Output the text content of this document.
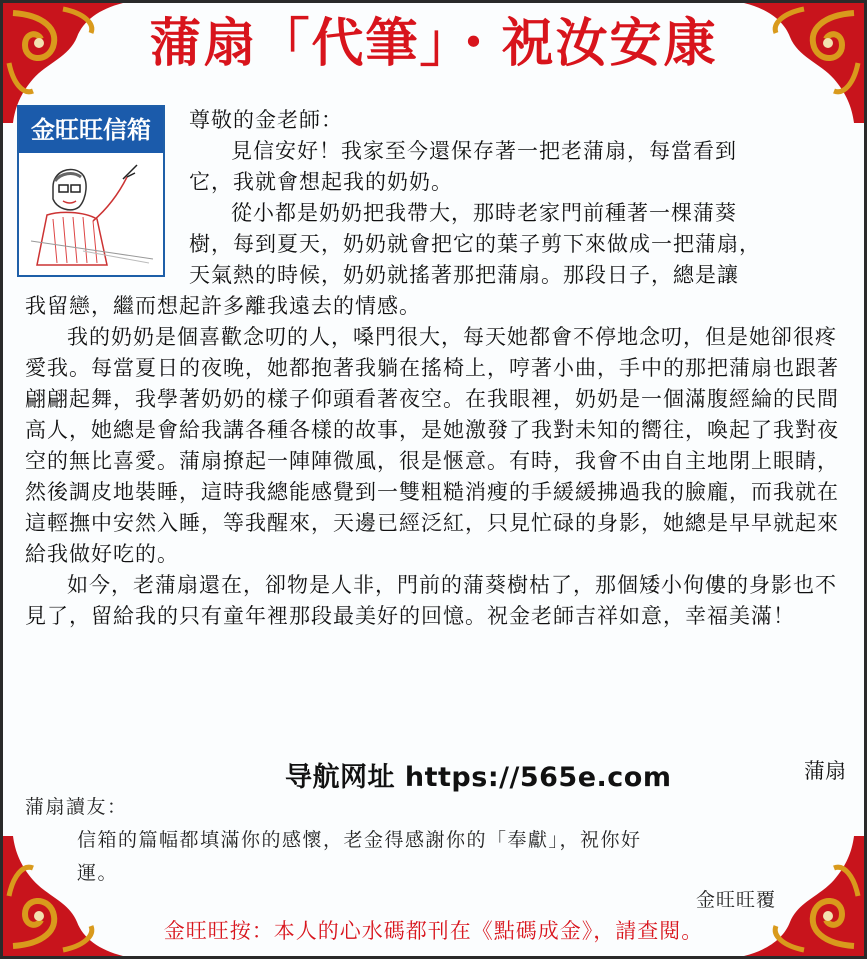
蒲扇「代筆」・祝汝安康
金旺旺信箱	尊敬的金老師：

見信安好！我家至今還保存著一把老蒲扇，每當看到

它，我就會想起我的奶奶。

從小都是奶奶把我帶大，那時老家門前種著一棵蒲葵

樹，每到夏天，奶奶就會把它的葉子剪下來做成一把蒲扇，

天氣熱的時候，奶奶就搖著那把蒲扇。那段日子，總是讓

我留戀，繼而想起許多離我遠去的情感。

我的奶奶是個喜歡念叨的人，嗓門很大，每天她都會不停地念叨，但是她卻很疼愛我。每當夏日的夜晚，她都抱著我躺在搖椅上，哼著小曲，手中的那把蒲扇也跟著翩翩起舞，我學著奶奶的樣子仰頭看著夜空。在我眼裡，奶奶是一個滿腹經綸的民間高人，她總是會給我講各種各樣的故事，是她激發了我對未知的嚮往，喚起了我對夜空的無比喜愛。蒲扇撩起一陣陣微風，很是愜意。有時，我會不由自主地閉上眼睛，然後調皮地裝睡，這時我總能感覺到一雙粗糙消瘦的手緩緩拂過我的臉龐，而我就在這輕撫中安然入睡，等我醒來，天邊已經泛紅，只見忙碌的身影，她總是早早就起來給我做好吃的。

如今，老蒲扇還在，卻物是人非，門前的蒲葵樹枯了，那個矮小佝僂的身影也不見了，留給我的只有童年裡那段最美好的回憶。祝金老師吉祥如意，幸福美滿！

导航网址 https://565e.com	蒲扇
蒲扇讀友：
信箱的篇幅都填滿你的感懷，老金得感謝你的「奉獻」，祝你好
運。
金旺旺覆
金旺旺按：本人的心水碼都刊在《點碼成金》，請查閱。
